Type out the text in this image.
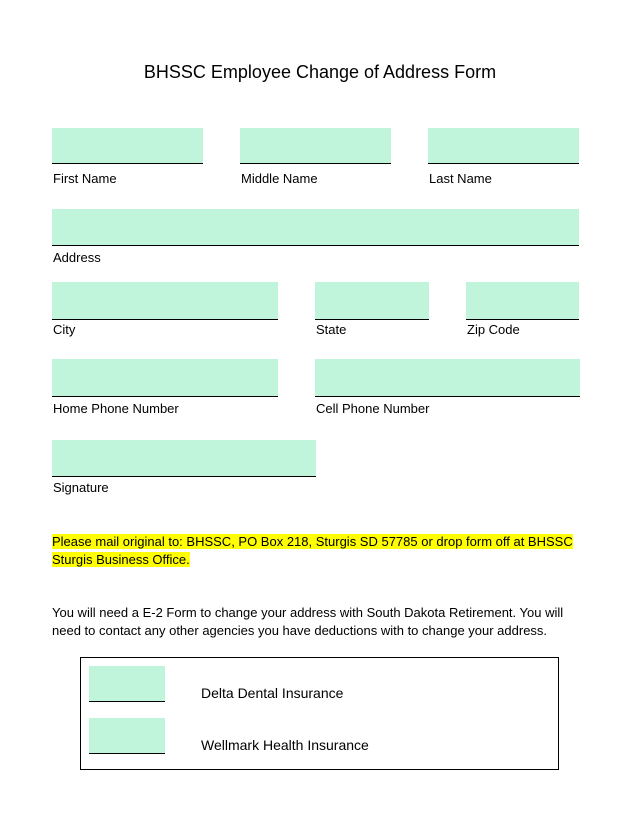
BHSSC Employee Change of Address Form
First Name	Middle Name	Last Name
Address
City	State	Zip Code
Home Phone Number	Cell Phone Number
Signature
Please mail original to: BHSSC, PO Box 218, Sturgis SD 57785 or drop form off at BHSSC Sturgis Business Office.
You will need a E-2 Form to change your address with South Dakota Retirement. You will need to contact any other agencies you have deductions with to change your address.
Delta Dental Insurance
Wellmark Health Insurance
